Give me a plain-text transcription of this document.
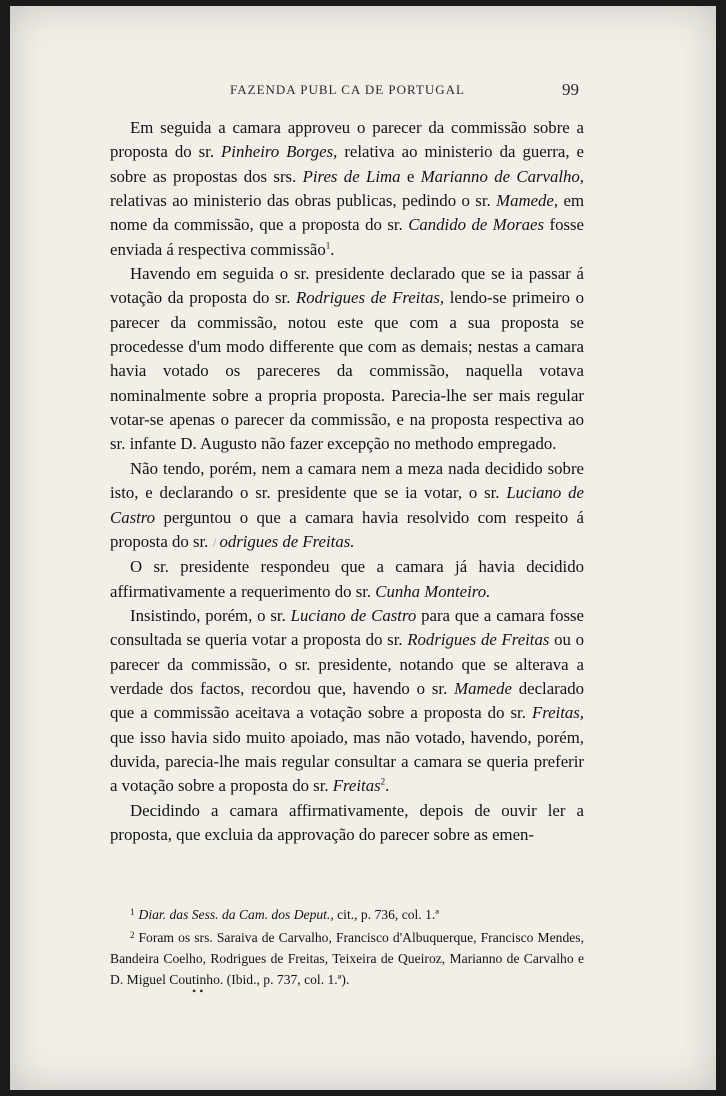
FAZENDA PUBL CA DE PORTUGAL	99

Em seguida a camara approveu o parecer da commissão sobre a proposta do sr. Pinheiro Borges, relativa ao ministerio da guerra, e sobre as propostas dos srs. Pires de Lima e Marianno de Carvalho, relativas ao ministerio das obras publicas, pedindo o sr. Mamede, em nome da commissão, que a proposta do sr. Candido de Moraes fosse enviada á respectiva commissão$^1$.

Havendo em seguida o sr. presidente declarado que se ia passar á votação da proposta do sr. Rodrigues de Freitas, lendo-se primeiro o parecer da commissão, notou este que com a sua proposta se procedesse d'um modo differente que com as demais; nestas a camara havia votado os pareceres da commissão, naquella votava nominalmente sobre a propria proposta. Parecia-lhe ser mais regular votar-se apenas o parecer da commissão, e na proposta respectiva ao sr. infante D. Augusto não fazer excepção no methodo empregado.

Não tendo, porém, nem a camara nem a meza nada decidido sobre isto, e declarando o sr. presidente que se ia votar, o sr. Luciano de Castro perguntou o que a camara havia resolvido com respeito á proposta do sr. / odrigues de Freitas.

O sr. presidente respondeu que a camara já havia decidido affirmativamente a requerimento do sr. Cunha Monteiro.

Insistindo, porém, o sr. Luciano de Castro para que a camara fosse consultada se queria votar a proposta do sr. Rodrigues de Freitas ou o parecer da commissão, o sr. presidente, notando que se alterava a verdade dos factos, recordou que, havendo o sr. Mamede declarado que a commissão aceitava a votação sobre a proposta do sr. Freitas, que isso havia sido muito apoiado, mas não votado, havendo, porém, duvida, parecia-lhe mais regular consultar a camara se queria preferir a votação sobre a proposta do sr. Freitas$^2$.

Decidindo a camara affirmativamente, depois de ouvir ler a proposta, que excluia da approvação do parecer sobre as emen-

$^1$ Diar. das Sess. da Cam. dos Deput., cit., p. 736, col. 1.ª

$^2$ Foram os srs. Saraiva de Carvalho, Francisco d'Albuquerque, Francisco Mendes, Bandeira Coelho, Rodrigues de Freitas, Teixeira de Queiroz, Marianno de Carvalho e D. Miguel Coutinho. (Ibid., p. 737, col. 1.ª).

• •
